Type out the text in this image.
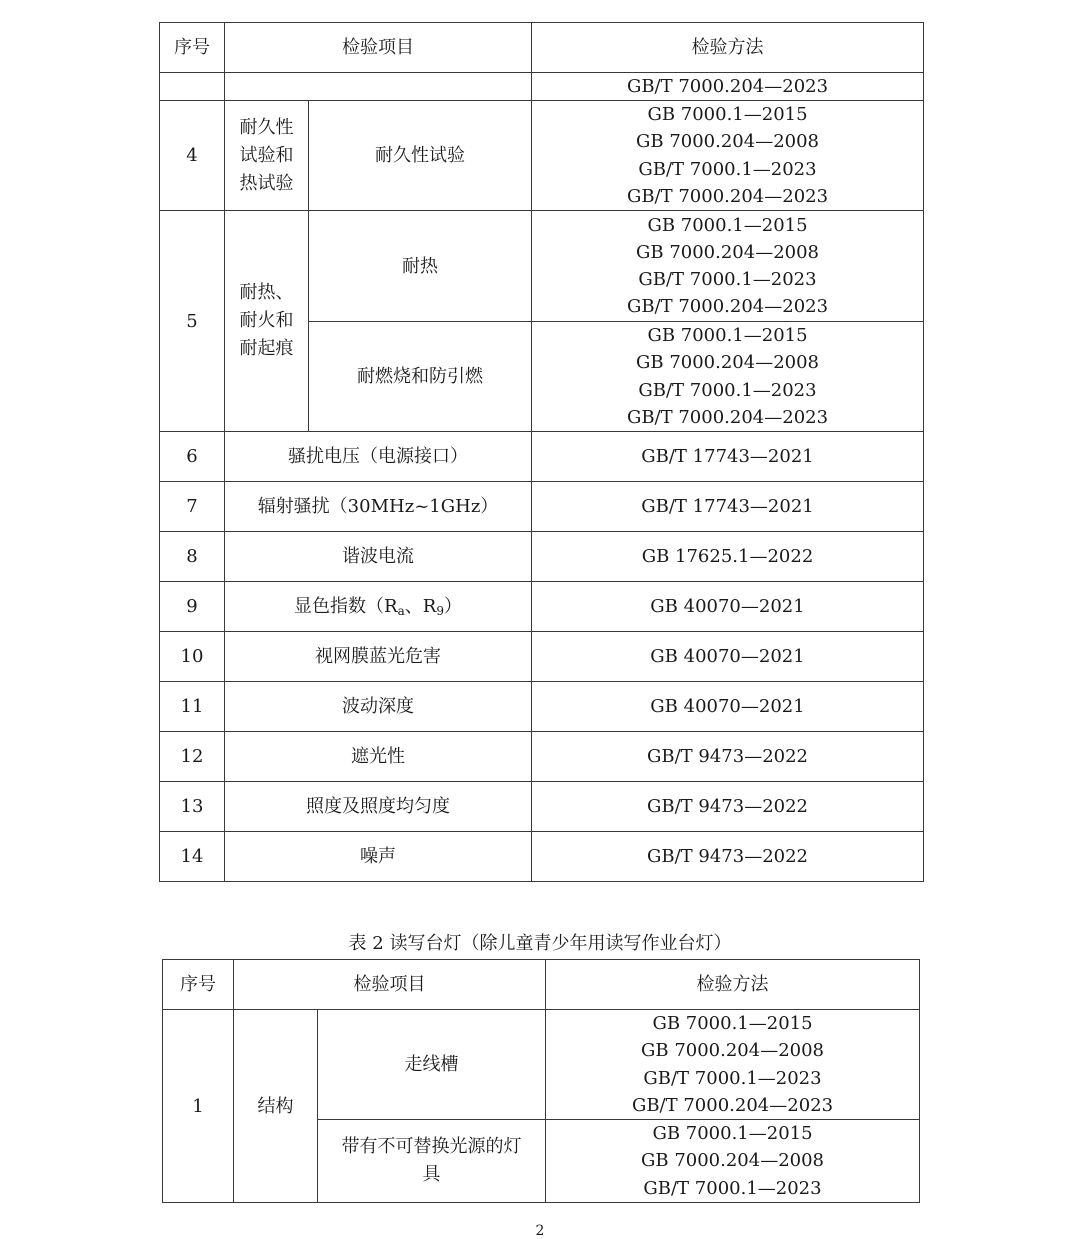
序号	检验项目		检验方法
			GB/T 7000.204—2023
4	耐久性
试验和
热试验	耐久性试验	GB 7000.1—2015
GB 7000.204—2008
GB/T 7000.1—2023
GB/T 7000.204—2023

5	耐热、
耐火和
耐起痕	耐热	GB 7000.1—2015
GB 7000.204—2008
GB/T 7000.1—2023
GB/T 7000.204—2023

		耐燃烧和防引燃	GB 7000.1—2015
GB 7000.204—2008
GB/T 7000.1—2023
GB/T 7000.204—2023

6	骚扰电压（电源接口）		GB/T 17743—2021
7	辐射骚扰（30MHz~1GHz）		GB/T 17743—2021
8	谐波电流		GB 17625.1—2022
9	显色指数（$R_a$、$R_9$）		GB 40070—2021
10	视网膜蓝光危害		GB 40070—2021
11	波动深度		GB 40070—2021
12	遮光性		GB/T 9473—2022
13	照度及照度均匀度		GB/T 9473—2022
14	噪声		GB/T 9473—2022
表 2 读写台灯（除儿童青少年用读写作业台灯）
序号	检验项目		检验方法
1	结构	走线槽	GB 7000.1—2015
GB 7000.204—2008
GB/T 7000.1—2023
GB/T 7000.204—2023

		带有不可替换光源的灯
具	GB 7000.1—2015
GB 7000.204—2008
GB/T 7000.1—2023
2
